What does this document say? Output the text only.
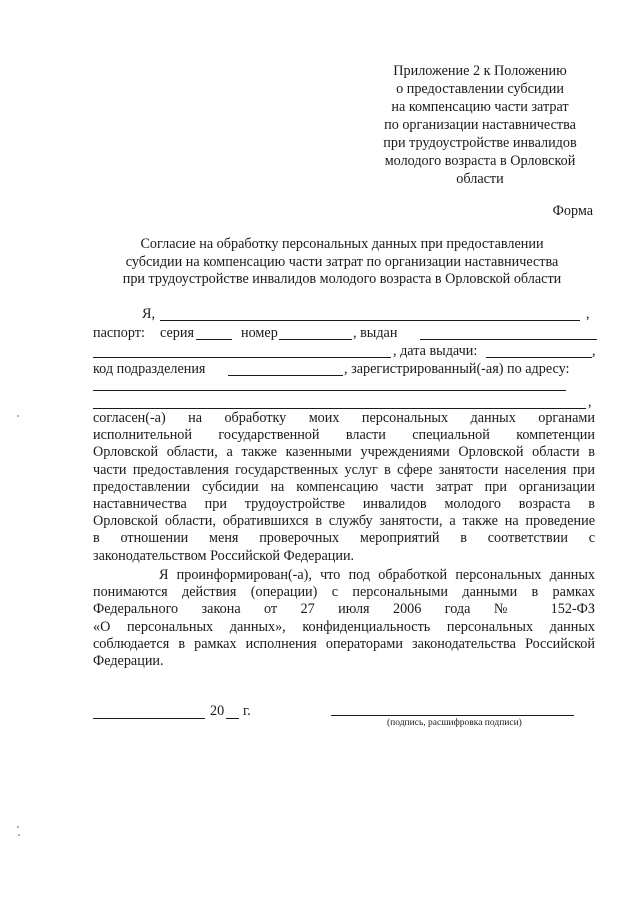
Приложение 2 к Положению
о предоставлении субсидии
на компенсацию части затрат
по организации наставничества
при трудоустройстве инвалидов
молодого возраста в Орловской
области
Форма
Согласие на обработку персональных данных при предоставлении
субсидии на компенсацию части затрат по организации наставничества
при трудоустройстве инвалидов молодого возраста в Орловской области
Я,	,
паспорт: серия	номер	, выдан
, дата выдачи:	,
код подразделения	, зарегистрированный(-ая) по адресу:
,
согласен(-а) на обработку моих персональных данных органами
исполнительной государственной власти специальной компетенции
Орловской области, а также казенными учреждениями Орловской области в
части предоставления государственных услуг в сфере занятости населения при
предоставлении субсидии на компенсацию части затрат при организации
наставничества при трудоустройстве инвалидов молодого возраста в
Орловской области, обратившихся в службу занятости, а также на проведение
в отношении меня проверочных мероприятий в соответствии с
законодательством Российской Федерации.
Я проинформирован(-а), что под обработкой персональных данных
понимаются действия (операции) с персональными данными в рамках
Федерального закона от 27 июля 2006 года № 152-ФЗ
«О персональных данных», конфиденциальность персональных данных
соблюдается в рамках исполнения операторами законодательства Российской
Федерации.
20 г.
(подпись, расшифровка подписи)
